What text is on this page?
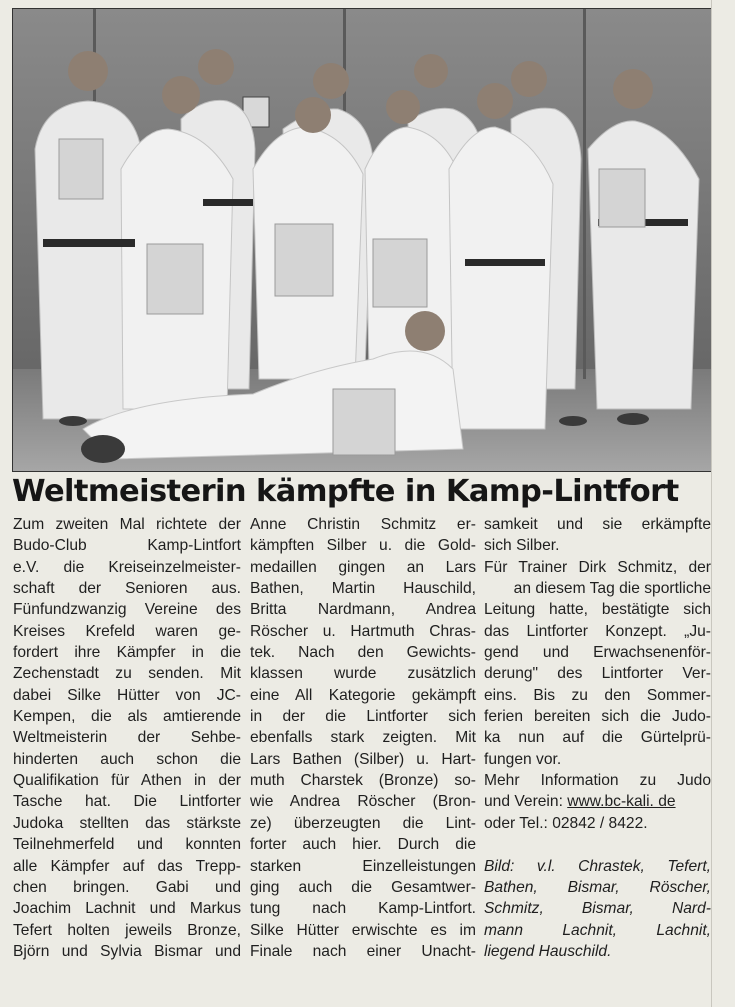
Weltmeisterin kämpfte in Kamp-Lintfort
Zum zweiten Mal richtete der
Budo-Club Kamp-Lintfort
e.V. die Kreiseinzelmeister-
schaft der Senioren aus.
Fünfundzwanzig Vereine des
Kreises Krefeld waren ge-
fordert ihre Kämpfer in die
Zechenstadt zu senden. Mit
dabei Silke Hütter von JC-
Kempen, die als amtierende
Weltmeisterin der Sehbe-
hinderten auch schon die
Qualifikation für Athen in der
Tasche hat. Die Lintforter
Judoka stellten das stärkste
Teilnehmerfeld und konnten
alle Kämpfer auf das Trepp-
chen bringen. Gabi und
Joachim Lachnit und Markus
Tefert holten jeweils Bronze,
Björn und Sylvia Bismar und
Anne Christin Schmitz er-
kämpften Silber u. die Gold-
medaillen gingen an Lars
Bathen, Martin Hauschild,
Britta Nardmann, Andrea
Röscher u. Hartmuth Chras-
tek. Nach den Gewichts-
klassen wurde zusätzlich
eine All Kategorie gekämpft
in der die Lintforter sich
ebenfalls stark zeigten. Mit
Lars Bathen (Silber) u. Hart-
muth Charstek (Bronze) so-
wie Andrea Röscher (Bron-
ze) überzeugten die Lint-
forter auch hier. Durch die
starken Einzelleistungen
ging auch die Gesamtwer-
tung nach Kamp-Lintfort.
Silke Hütter erwischte es im
Finale nach einer Unacht-
samkeit und sie erkämpfte
sich Silber.
Für Trainer Dirk Schmitz, der
an diesem Tag die sportliche
Leitung hatte, bestätigte sich
das Lintforter Konzept. „Ju-
gend und Erwachsenenför-
derung" des Lintforter Ver-
eins. Bis zu den Sommer-
ferien bereiten sich die Judo-
ka nun auf die Gürtelprü-
fungen vor.
Mehr Information zu Judo
und Verein: www.bc-kali. de
oder Tel.: 02842 / 8422.
Bild: v.l. Chrastek, Tefert,
Bathen, Bismar, Röscher,
Schmitz, Bismar, Nard-
mann Lachnit, Lachnit,
liegend Hauschild.
